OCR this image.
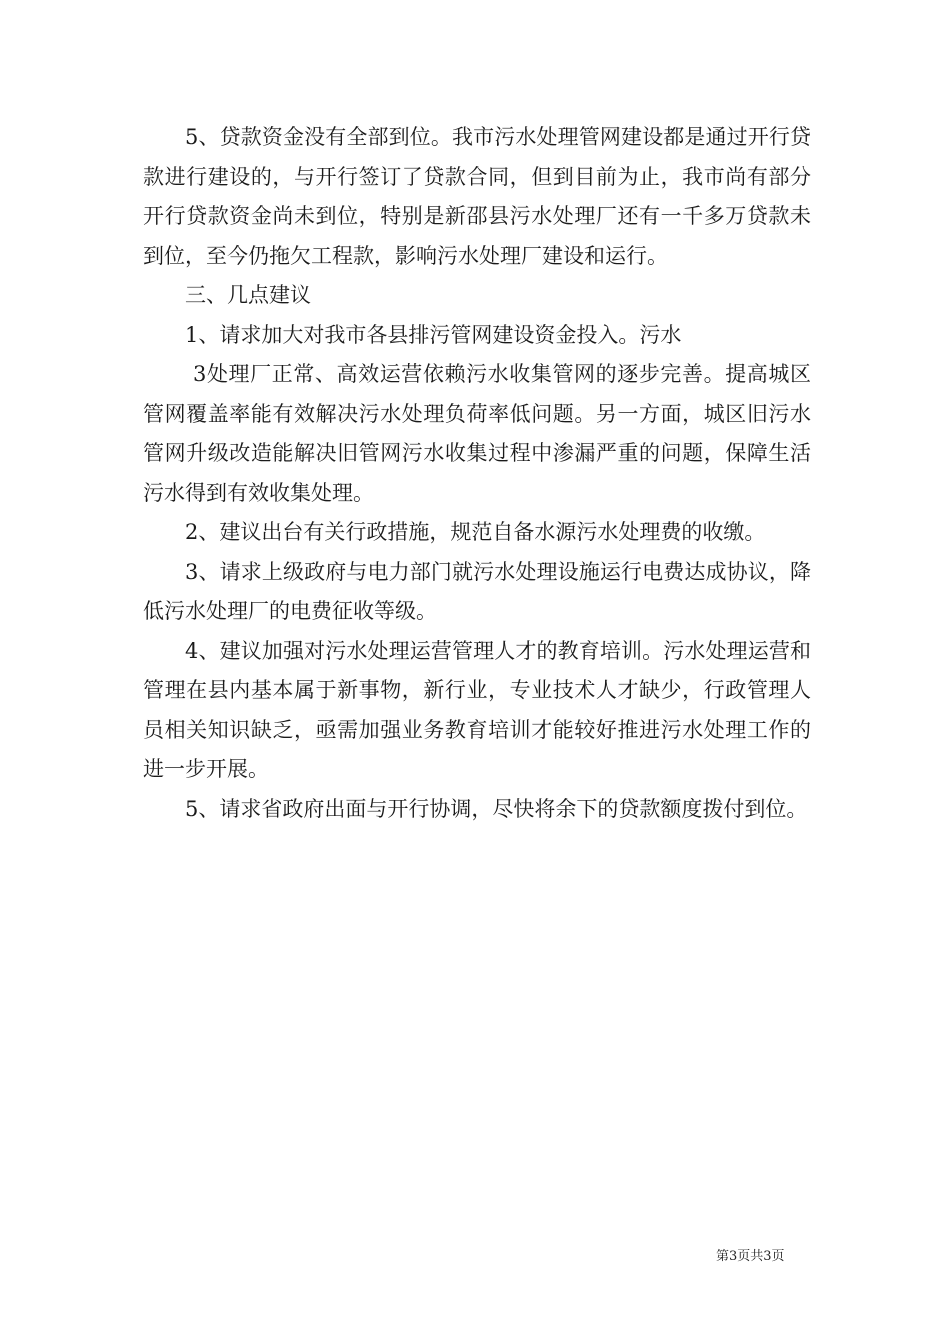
5、贷款资金没有全部到位。我市污水处理管网建设都是通过开行贷款进行建设的，与开行签订了贷款合同，但到目前为止，我市尚有部分开行贷款资金尚未到位，特别是新邵县污水处理厂还有一千多万贷款未到位，至今仍拖欠工程款，影响污水处理厂建设和运行。

三、几点建议

1、请求加大对我市各县排污管网建设资金投入。污水

3处理厂正常、高效运营依赖污水收集管网的逐步完善。提高城区管网覆盖率能有效解决污水处理负荷率低问题。另一方面，城区旧污水管网升级改造能解决旧管网污水收集过程中渗漏严重的问题，保障生活污水得到有效收集处理。

2、建议出台有关行政措施，规范自备水源污水处理费的收缴。

3、请求上级政府与电力部门就污水处理设施运行电费达成协议，降低污水处理厂的电费征收等级。

4、建议加强对污水处理运营管理人才的教育培训。污水处理运营和管理在县内基本属于新事物，新行业，专业技术人才缺少，行政管理人员相关知识缺乏，亟需加强业务教育培训才能较好推进污水处理工作的进一步开展。

5、请求省政府出面与开行协调，尽快将余下的贷款额度拨付到位。

第3页共3页
